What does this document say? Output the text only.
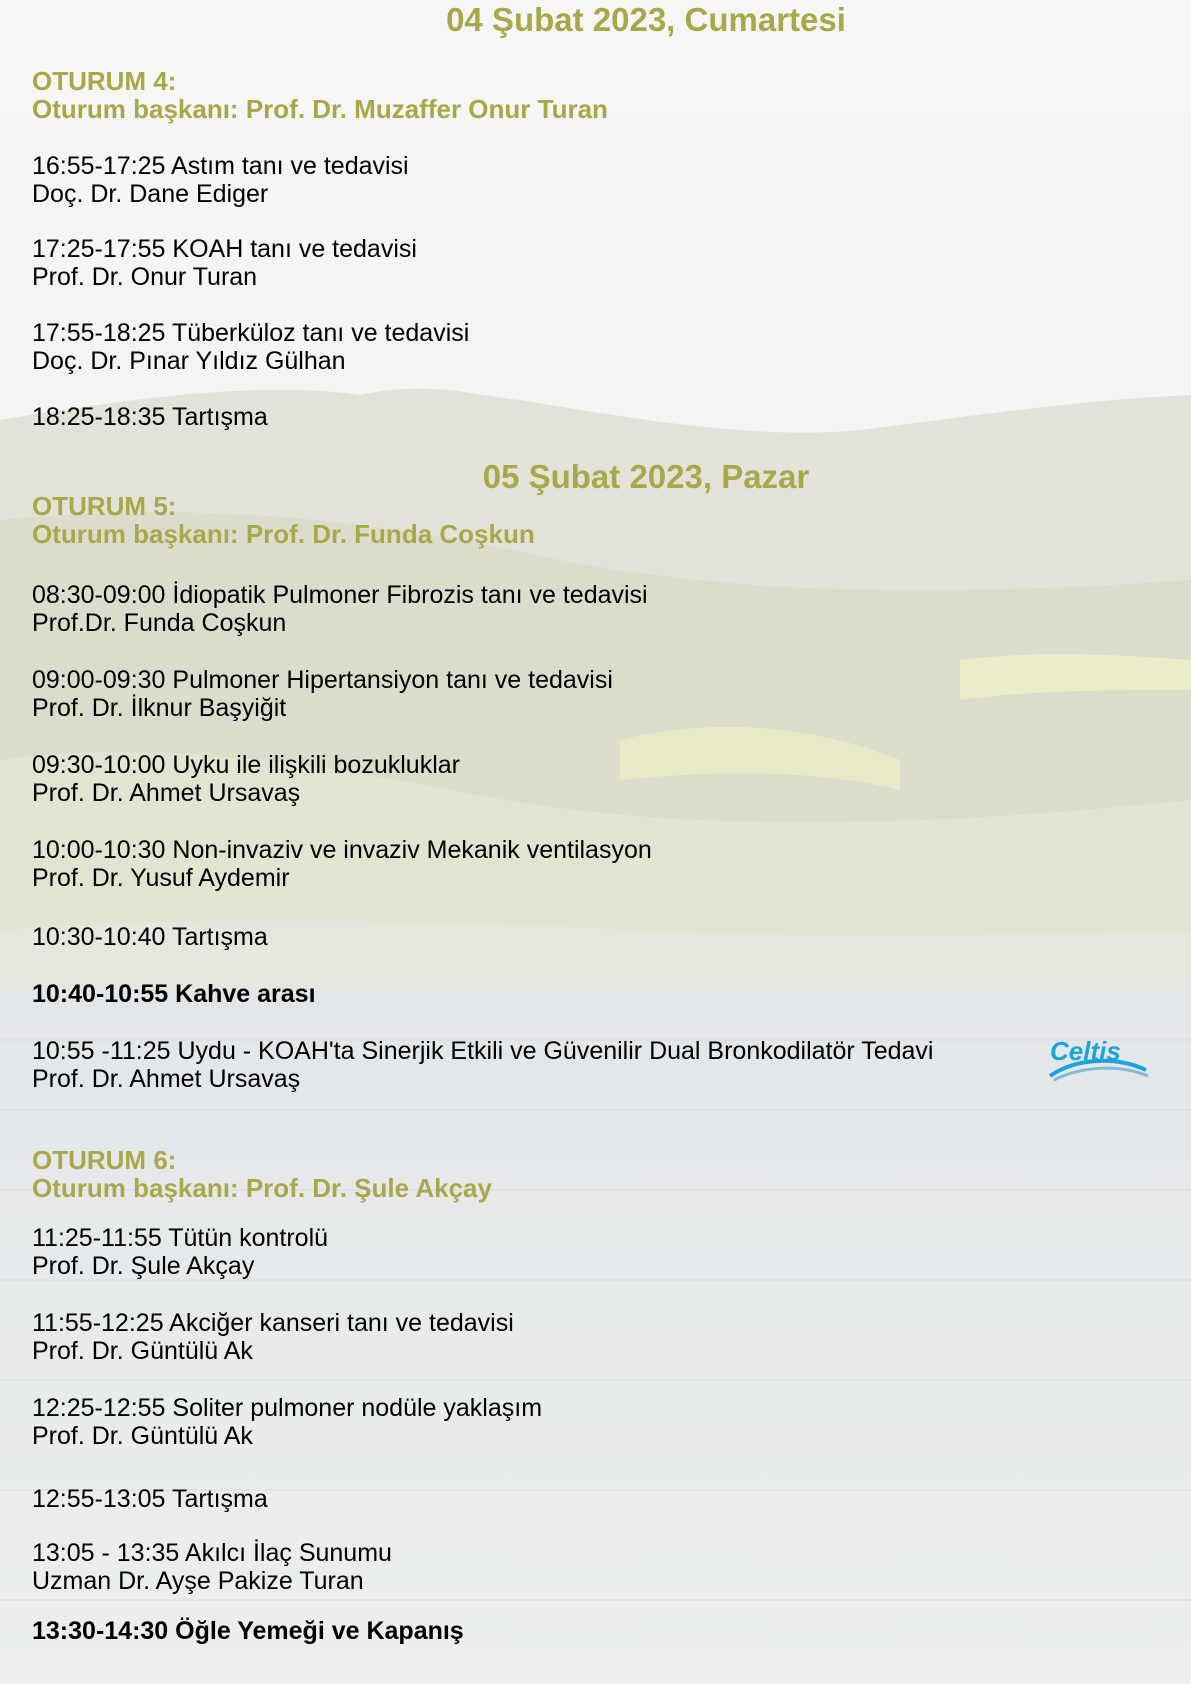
04 Şubat 2023, Cumartesi
OTURUM 4:
Oturum başkanı: Prof. Dr. Muzaffer Onur Turan
16:55-17:25 Astım tanı ve tedavisi
Doç. Dr. Dane Ediger
17:25-17:55 KOAH tanı ve tedavisi
Prof. Dr. Onur Turan
17:55-18:25 Tüberküloz tanı ve tedavisi
Doç. Dr. Pınar Yıldız Gülhan
18:25-18:35 Tartışma
05 Şubat 2023, Pazar
OTURUM 5:
Oturum başkanı: Prof. Dr. Funda Coşkun
08:30-09:00 İdiopatik Pulmoner Fibrozis tanı ve tedavisi
Prof.Dr. Funda Coşkun
09:00-09:30 Pulmoner Hipertansiyon tanı ve tedavisi
Prof. Dr. İlknur Başyiğit
09:30-10:00 Uyku ile ilişkili bozukluklar
Prof. Dr. Ahmet Ursavaş
10:00-10:30 Non-invaziv ve invaziv Mekanik ventilasyon
Prof. Dr. Yusuf Aydemir
10:30-10:40 Tartışma
10:40-10:55 Kahve arası
10:55 -11:25 Uydu - KOAH'ta Sinerjik Etkili ve Güvenilir Dual Bronkodilatör Tedavi
Prof. Dr. Ahmet Ursavaş
Celtis
OTURUM 6:
Oturum başkanı: Prof. Dr. Şule Akçay
11:25-11:55 Tütün kontrolü
Prof. Dr. Şule Akçay
11:55-12:25 Akciğer kanseri tanı ve tedavisi
Prof. Dr. Güntülü Ak
12:25-12:55 Soliter pulmoner nodüle yaklaşım
Prof. Dr. Güntülü Ak
12:55-13:05 Tartışma
13:05 - 13:35 Akılcı İlaç Sunumu
Uzman Dr. Ayşe Pakize Turan
13:30-14:30 Öğle Yemeği ve Kapanış
